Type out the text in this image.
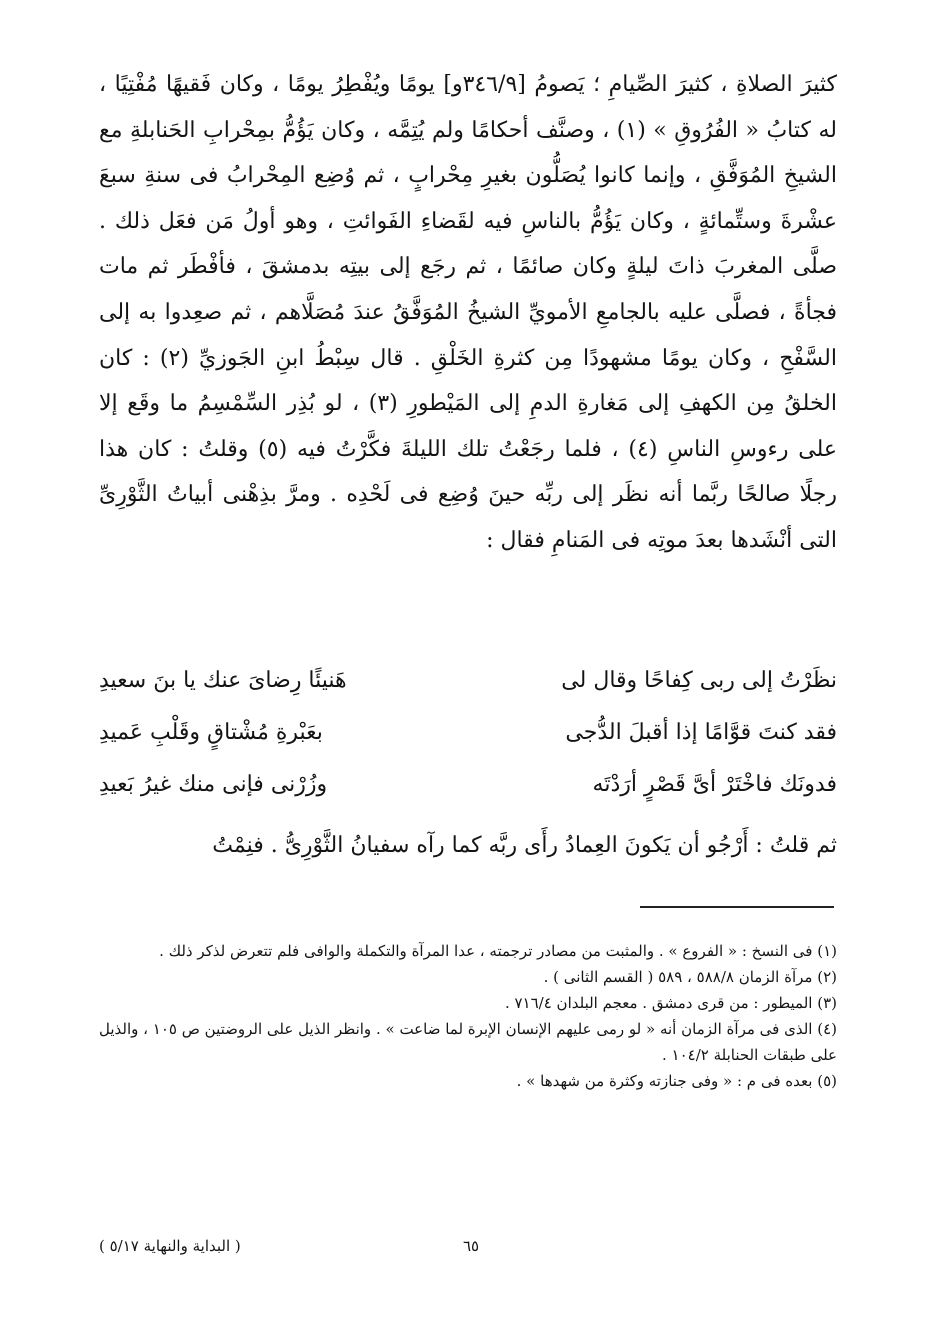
كثيرَ الصلاةِ ، كثيرَ الصِّيامِ ؛ يَصومُ [٣٤٦/٩و] يومًا ويُفْطِرُ يومًا ، وكان فَقيهًا مُفْتِيًا ، له كتابُ « الفُرُوقِ » (١) ، وصنَّف أحكامًا ولم يُتِمَّه ، وكان يَؤُمُّ بمِحْرابِ الحَنابلةِ مع الشيخِ المُوَفَّقِ ، وإنما كانوا يُصَلُّون بغيرِ مِحْرابٍ ، ثم وُضِع المِحْرابُ فى سنةِ سبعَ عشْرةَ وستِّمائةٍ ، وكان يَؤُمُّ بالناسِ فيه لقَضاءِ الفَوائتِ ، وهو أولُ مَن فعَل ذلك . صلَّى المغربَ ذاتَ ليلةٍ وكان صائمًا ، ثم رجَع إلى بيتِه بدمشقَ ، فأفْطَر ثم مات فجأةً ، فصلَّى عليه بالجامعِ الأمويِّ الشيخُ المُوَفَّقُ عندَ مُصَلَّاهم ، ثم صعِدوا به إلى السَّفْحِ ، وكان يومًا مشهودًا مِن كثرةِ الخَلْقِ . قال سِبْطُ ابنِ الجَوزيِّ (٢) : كان الخلقُ مِن الكهفِ إلى مَغارةِ الدمِ إلى المَيْطورِ (٣) ، لو بُذِر السِّمْسِمُ ما وقَع إلا على رءوسِ الناسِ (٤) ، فلما رجَعْتُ تلك الليلةَ فكَّرْتُ فيه (٥) وقلتُ : كان هذا رجلًا صالحًا ربَّما أنه نظَر إلى ربِّه حينَ وُضِع فى لَحْدِه . ومرَّ بذِهْنى أبياتُ الثَّوْرِىِّ التى أنْشَدها بعدَ موتِه فى المَنامِ فقال :

نظَرْتُ إلى ربى كِفاحًا وقال لى
هَنيئًا رِضاىَ عنك يا بنَ سعيدِ
فقد كنتَ قوَّامًا إذا أقبلَ الدُّجى
بعَبْرةِ مُشْتاقٍ وقَلْبِ عَميدِ
فدونَك فاخْتَرْ أىَّ قَصْرٍ أرَدْتَه
وزُرْنى فإنى منك غيرُ بَعيدِ
ثم قلتُ : أَرْجُو أن يَكونَ العِمادُ رأَى ربَّه كما رآه سفيانُ الثَّوْرِىُّ . فنِمْتُ

(١) فى النسخ : « الفروع » . والمثبت من مصادر ترجمته ، عدا المرآة والتكملة والوافى فلم تتعرض لذكر ذلك .

(٢) مرآة الزمان ٥٨٨/٨ ، ٥٨٩ ( القسم الثانى ) .

(٣) الميطور : من قرى دمشق . معجم البلدان ٧١٦/٤ .

(٤) الذى فى مرآة الزمان أنه « لو رمى عليهم الإنسان الإبرة لما ضاعت » . وانظر الذيل على الروضتين ص ١٠٥ ، والذيل على طبقات الحنابلة ١٠٤/٢ .

(٥) بعده فى م : « وفى جنازته وكثرة من شهدها » .

٦٥
( البداية والنهاية ٥/١٧ )
